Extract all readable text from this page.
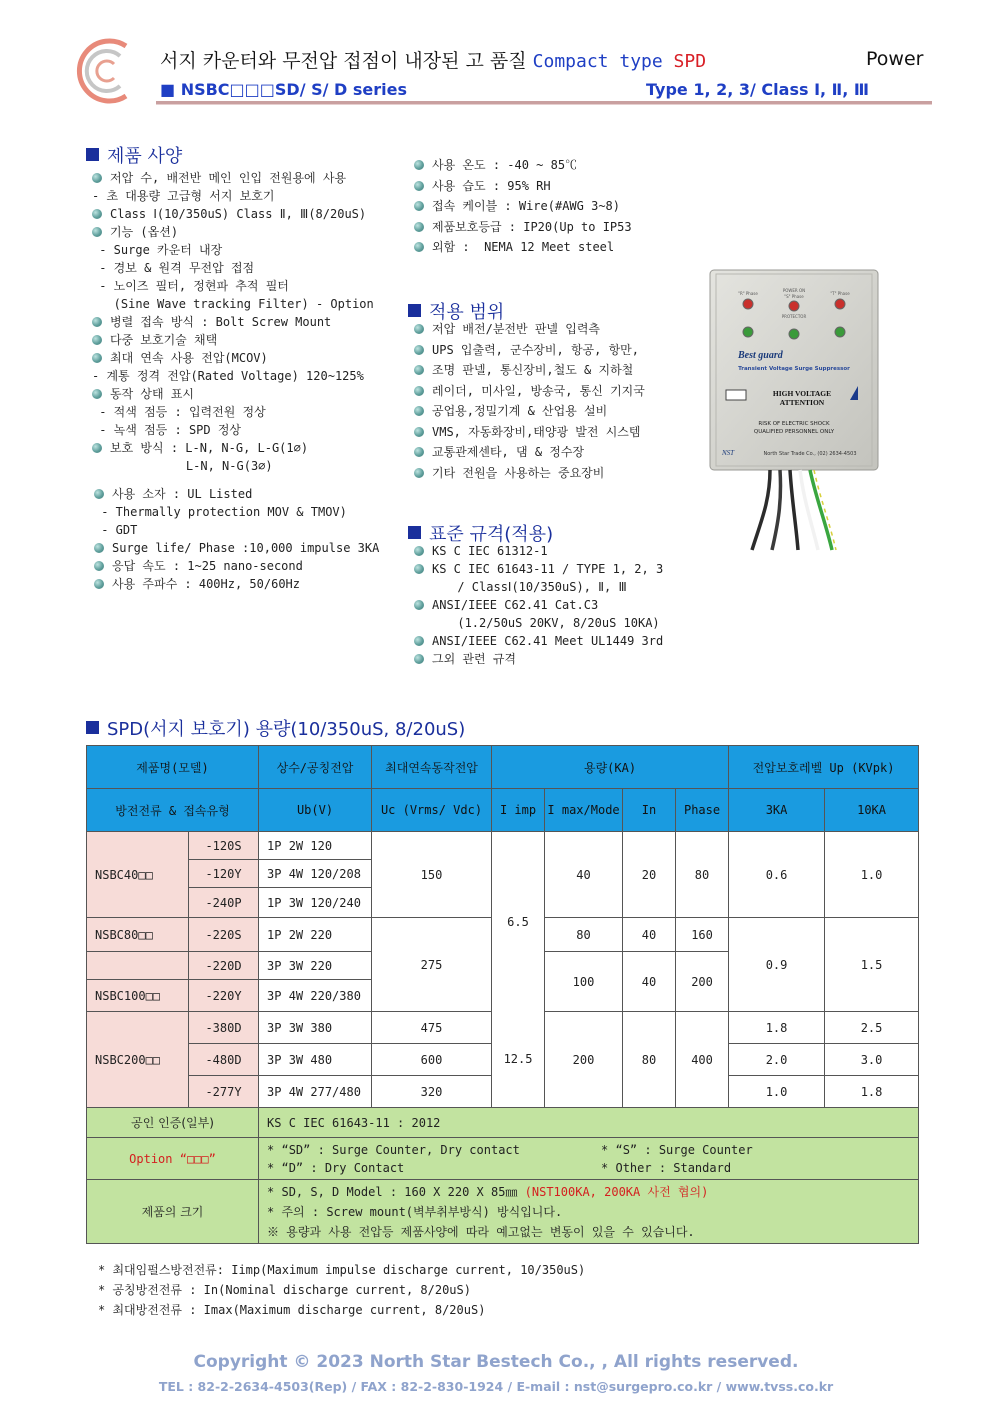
서지 카운터와 무전압 접점이 내장된 고 품질 Compact type SPD	Power
■ NSBC□□□SD/ S/ D series	Type 1, 2, 3/ Class Ⅰ, Ⅱ, Ⅲ
제품 사양
저압 수, 배전반 메인 인입 전원용에 사용
- 초 대용량 고급형 서지 보호기
Class Ⅰ(10/350uS) Class Ⅱ, Ⅲ(8/20uS)
기능 (옵션)
- Surge 카운터 내장
- 경보 & 원격 무전압 접점
- 노이즈 필터, 정현파 추적 필터
(Sine Wave tracking Filter) - Option
병렬 접속 방식 : Bolt Screw Mount
다중 보호기술 채택
최대 연속 사용 전압(MCOV)
- 계통 정격 전압(Rated Voltage) 120~125%
동작 상태 표시
- 적색 점등 : 입력전원 정상
- 녹색 점등 : SPD 정상
보호 방식 : L-N, N-G, L-G(1∅)
L-N, N-G(3∅)
사용 소자 : UL Listed
- Thermally protection MOV & TMOV)
- GDT
Surge life/ Phase :10,000 impulse 3KA
응답 속도 : 1~25 nano-second
사용 주파수 : 400Hz, 50/60Hz
사용 온도 : -40 ~ 85℃
사용 습도 : 95% RH
접속 케이블 : Wire(#AWG 3~8)
제품보호등급 : IP20(Up to IP53
외함 :  NEMA 12 Meet steel
적용 범위
저압 배전/분전반 판넬 입력측
UPS 입출력, 군수장비, 항공, 항만,
조명 판넬, 통신장비,철도 & 지하철
레이더, 미사일, 방송국, 통신 기지국
공업용,정밀기계 & 산업용 설비
VMS, 자동화장비,태양광 발전 시스템
교통관제센타, 댐 & 정수장
기타 전원을 사용하는 중요장비
표준 규격(적용)
KS C IEC 61312-1
KS C IEC 61643-11 / TYPE 1, 2, 3
/ ClassⅠ(10/350uS), Ⅱ, Ⅲ
ANSI/IEEE C62.41 Cat.C3
(1.2/50uS 20KV, 8/20uS 10KA)
ANSI/IEEE C62.41 Meet UL1449 3rd
그외 관련 규격
POWER ON
"R" Phase
"S" Phase
"T" Phase
PROTECTOR
Best guard
Transient Voltage Surge Suppressor
HIGH VOLTAGE
ATTENTION
RISK OF ELECTRIC SHOCK
QUALIFIED PERSONNEL ONLY
NST	North Star Trade Co., (02) 2634-4503
SPD(서지 보호기) 용량(10/350uS, 8/20uS)
제품명(모델)		상수/공칭전압	최대연속동작전압	용량(KA)				전압보호레벨 Up (KVpk)	
방전전류 & 접속유형		Ub(V)	Uc (Vrms/ Vdc)	I imp	I max/Mode	In	Phase	3KA	10KA
NSBC40□□	-120S	1P 2W 120	150	6.5	40	20	80	0.6	1.0
	-120Y	3P 4W 120/208							
	-240P	1P 3W 120/240							
NSBC80□□	-220S	1P 2W 220	275		80	40	160	0.9	1.5
	-220D	3P 3W 220			100	40	200		
NSBC100□□	-220Y	3P 4W 220/380							
NSBC200□□	-380D	3P 3W 380	475	12.5	200	80	400	1.8	2.5
	-480D	3P 3W 480	600					2.0	3.0
	-277Y	3P 4W 277/480	320					1.0	1.8
공인 인증(일부)		KS C IEC 61643-11 : 2012							
Option “□□□”		* “SD” : Surge Counter, Dry contact * “S” : Surge Counter
* “D” : Dry Contact * Other : Standard							

제품의 크기		* SD, S, D Model : 160 X 220 X 85㎜ (NST100KA, 200KA 사전 협의)
* 주의 : Screw mount(벽부취부방식) 방식입니다.
※ 용량과 사용 전압등 제품사양에 따라 예고없는 변동이 있을 수 있습니다.							
* 최대임펄스방전전류: Iimp(Maximum impulse discharge current, 10/350uS)
* 공칭방전전류 : In(Nominal discharge current, 8/20uS)
* 최대방전전류 : Imax(Maximum discharge current, 8/20uS)
Copyright © 2023 North Star Bestech Co., , All rights reserved.
TEL : 82-2-2634-4503(Rep) / FAX : 82-2-830-1924 / E-mail : nst@surgepro.co.kr / www.tvss.co.kr
